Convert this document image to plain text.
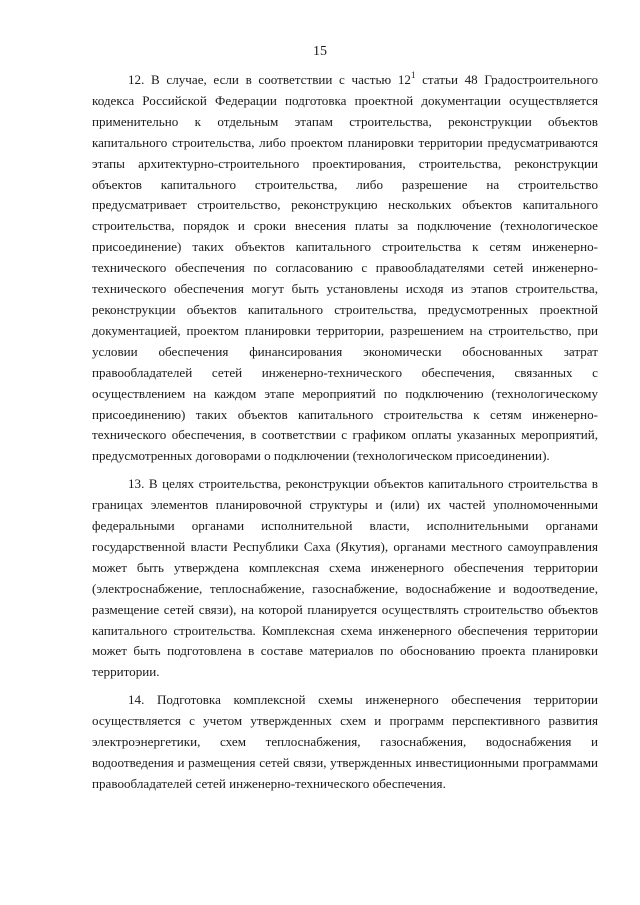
15

12. В случае, если в соответствии с частью $12^1$ статьи 48 Градостроительного кодекса Российской Федерации подготовка проектной документации осуществляется применительно к отдельным этапам строительства, реконструкции объектов капитального строительства, либо проектом планировки территории предусматриваются этапы архитектурно-строительного проектирования, строительства, реконструкции объектов капитального строительства, либо разрешение на строительство предусматривает строительство, реконструкцию нескольких объектов капитального строительства, порядок и сроки внесения платы за подключение (технологическое присоединение) таких объектов капитального строительства к сетям инженерно-технического обеспечения по согласованию с правообладателями сетей инженерно-технического обеспечения могут быть установлены исходя из этапов строительства, реконструкции объектов капитального строительства, предусмотренных проектной документацией, проектом планировки территории, разрешением на строительство, при условии обеспечения финансирования экономически обоснованных затрат правообладателей сетей инженерно-технического обеспечения, связанных с осуществлением на каждом этапе мероприятий по подключению (технологическому присоединению) таких объектов капитального строительства к сетям инженерно-технического обеспечения, в соответствии с графиком оплаты указанных мероприятий, предусмотренных договорами о подключении (технологическом присоединении).

13. В целях строительства, реконструкции объектов капитального строительства в границах элементов планировочной структуры и (или) их частей уполномоченными федеральными органами исполнительной власти, исполнительными органами государственной власти Республики Саха (Якутия), органами местного самоуправления может быть утверждена комплексная схема инженерного обеспечения территории (электроснабжение, теплоснабжение, газоснабжение, водоснабжение и водоотведение, размещение сетей связи), на которой планируется осуществлять строительство объектов капитального строительства. Комплексная схема инженерного обеспечения территории может быть подготовлена в составе материалов по обоснованию проекта планировки территории.

14. Подготовка комплексной схемы инженерного обеспечения территории осуществляется с учетом утвержденных схем и программ перспективного развития электроэнергетики, схем теплоснабжения, газоснабжения, водоснабжения и водоотведения и размещения сетей связи, утвержденных инвестиционными программами правообладателей сетей инженерно-технического обеспечения.
